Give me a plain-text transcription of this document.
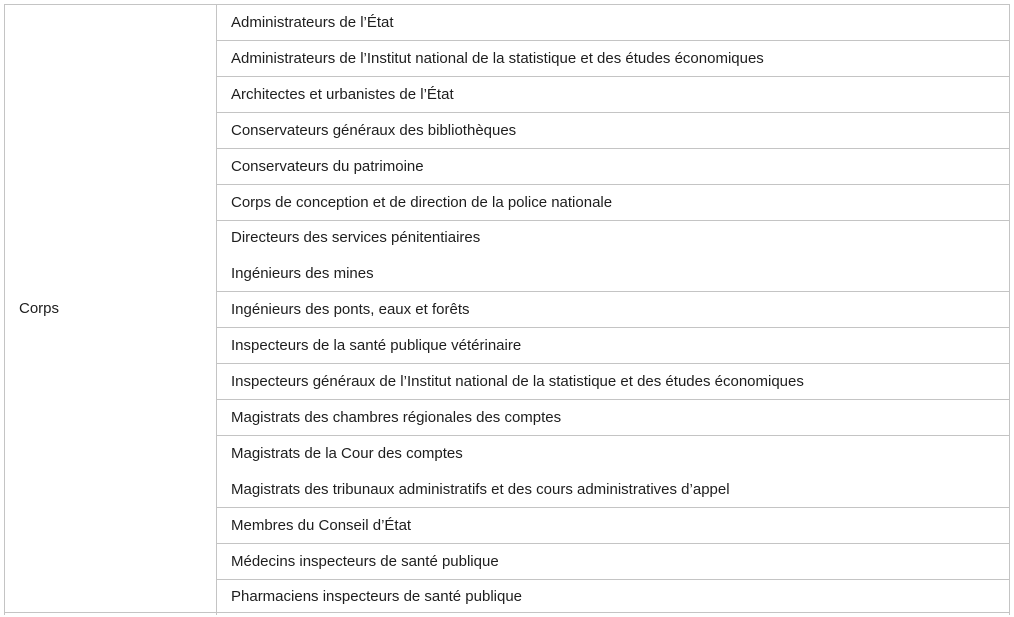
Corps
Administrateurs de l’État
Administrateurs de l’Institut national de la statistique et des études économiques
Architectes et urbanistes de l’État
Conservateurs généraux des bibliothèques
Conservateurs du patrimoine
Corps de conception et de direction de la police nationale
Directeurs des services pénitentiaires
Ingénieurs des mines
Ingénieurs des ponts, eaux et forêts
Inspecteurs de la santé publique vétérinaire
Inspecteurs généraux de l’Institut national de la statistique et des études économiques
Magistrats des chambres régionales des comptes
Magistrats de la Cour des comptes
Magistrats des tribunaux administratifs et des cours administratives d’appel
Membres du Conseil d’État
Médecins inspecteurs de santé publique
Pharmaciens inspecteurs de santé publique
